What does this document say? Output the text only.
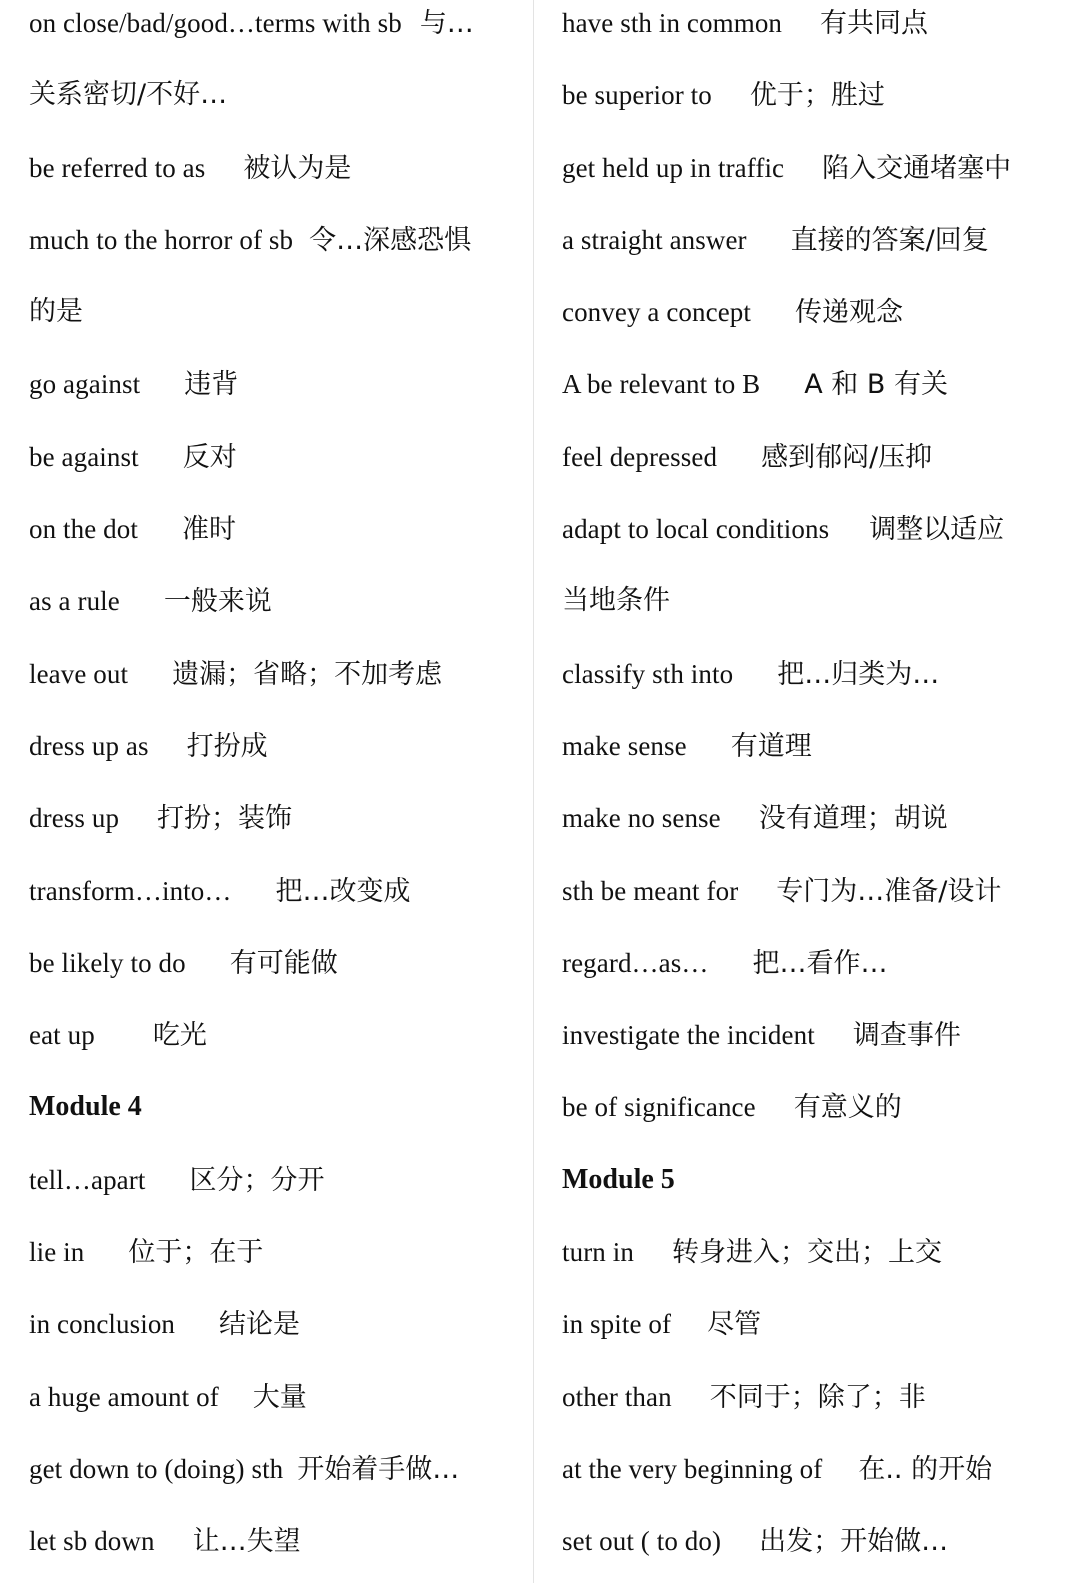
on close/bad/good…terms with sb 与…
关系密切/不好…
be referred to as 被认为是
much to the horror of sb 令…深感恐惧
的是
go against 违背
be against 反对
on the dot 准时
as a rule 一般来说
leave out 遗漏；省略；不加考虑
dress up as 打扮成
dress up 打扮；装饰
transform…into… 把…改变成
be likely to do 有可能做
eat up 吃光
Module 4
tell…apart 区分；分开
lie in 位于；在于
in conclusion 结论是
a huge amount of 大量
get down to (doing) sth 开始着手做…
let sb down 让…失望
have sth in common 有共同点
be superior to 优于；胜过
get held up in traffic 陷入交通堵塞中
a straight answer 直接的答案/回复
convey a concept 传递观念
A be relevant to B A 和 B 有关
feel depressed 感到郁闷/压抑
adapt to local conditions 调整以适应
当地条件
classify sth into 把…归类为…
make sense 有道理
make no sense 没有道理；胡说
sth be meant for 专门为…准备/设计
regard…as… 把…看作…
investigate the incident 调查事件
be of significance 有意义的
Module 5
turn in 转身进入；交出；上交
in spite of 尽管
other than 不同于；除了；非
at the very beginning of 在.. 的开始
set out ( to do) 出发；开始做…
